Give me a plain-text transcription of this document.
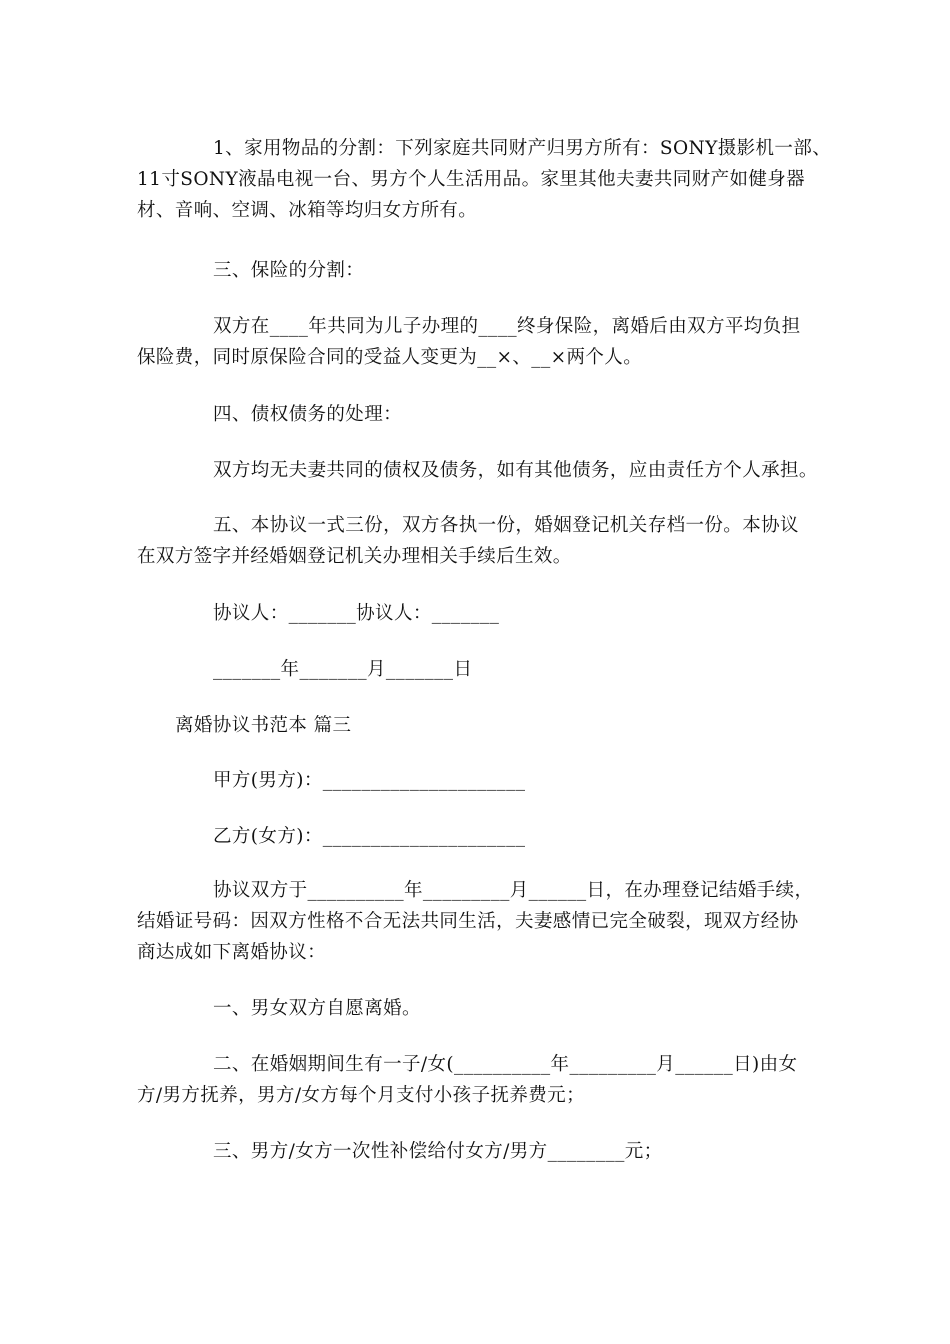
1、家用物品的分割：下列家庭共同财产归男方所有：SONY摄影机一部、
11寸SONY液晶电视一台、男方个人生活用品。家里其他夫妻共同财产如健身器
材、音响、空调、冰箱等均归女方所有。
三、保险的分割：
双方在____年共同为儿子办理的____终身保险，离婚后由双方平均负担
保险费，同时原保险合同的受益人变更为__×、__×两个人。
四、债权债务的处理：
双方均无夫妻共同的债权及债务，如有其他债务，应由责任方个人承担。
五、本协议一式三份，双方各执一份，婚姻登记机关存档一份。本协议
在双方签字并经婚姻登记机关办理相关手续后生效。
协议人：_______协议人：_______
_______年_______月_______日
离婚协议书范本 篇三
甲方(男方)：_____________________
乙方(女方)：_____________________
协议双方于__________年_________月______日，在办理登记结婚手续，
结婚证号码：因双方性格不合无法共同生活，夫妻感情已完全破裂，现双方经协
商达成如下离婚协议：
一、男女双方自愿离婚。
二、在婚姻期间生有一子/女(__________年_________月______日)由女
方/男方抚养，男方/女方每个月支付小孩子抚养费元；
三、男方/女方一次性补偿给付女方/男方________元；
